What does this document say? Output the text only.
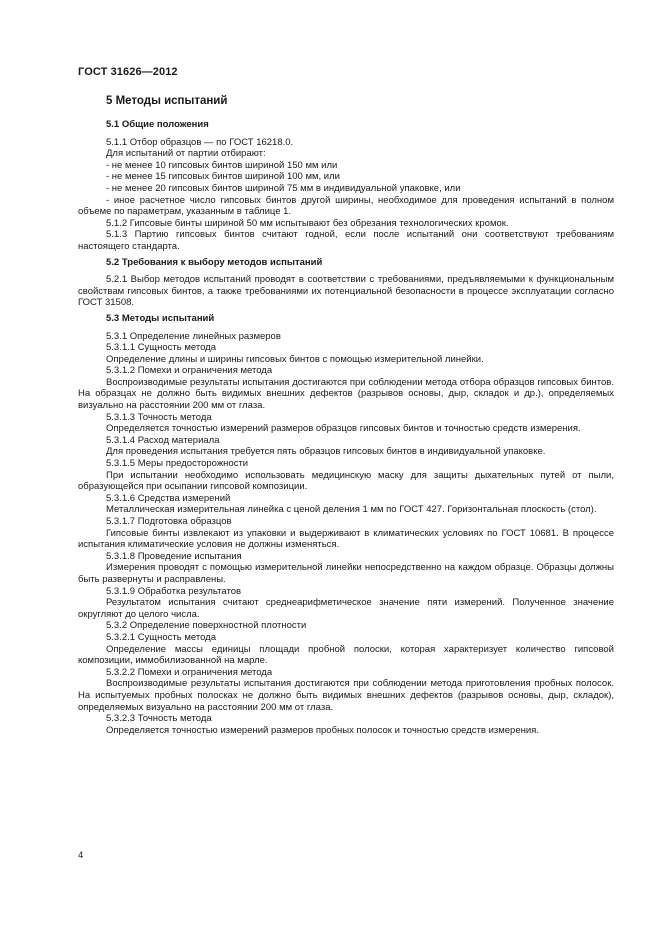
ГОСТ 31626—2012

5 Методы испытаний

5.1 Общие положения

5.1.1 Отбор образцов — по ГОСТ 16218.0.

Для испытаний от партии отбирают:

- не менее 10 гипсовых бинтов шириной 150 мм или

- не менее 15 гипсовых бинтов шириной 100 мм, или

- не менее 20 гипсовых бинтов шириной 75 мм в индивидуальной упаковке, или

- иное расчетное число гипсовых бинтов другой ширины, необходимое для проведения испытаний в полном объеме по параметрам, указанным в таблице 1.

5.1.2 Гипсовые бинты шириной 50 мм испытывают без обрезания технологических кромок.

5.1.3 Партию гипсовых бинтов считают годной, если после испытаний они соответствуют требованиям настоящего стандарта.

5.2 Требования к выбору методов испытаний

5.2.1 Выбор методов испытаний проводят в соответствии с требованиями, предъявляемыми к функциональным свойствам гипсовых бинтов, а также требованиями их потенциальной безопасности в процессе эксплуатации согласно ГОСТ 31508.

5.3 Методы испытаний

5.3.1 Определение линейных размеров

5.3.1.1 Сущность метода

Определение длины и ширины гипсовых бинтов с помощью измерительной линейки.

5.3.1.2 Помехи и ограничения метода

Воспроизводимые результаты испытания достигаются при соблюдении метода отбора образцов гипсовых бинтов. На образцах не должно быть видимых внешних дефектов (разрывов основы, дыр, складок и др.), определяемых визуально на расстоянии 200 мм от глаза.

5.3.1.3 Точность метода

Определяется точностью измерений размеров образцов гипсовых бинтов и точностью средств измерения.

5.3.1.4 Расход материала

Для проведения испытания требуется пять образцов гипсовых бинтов в индивидуальной упаковке.

5.3.1.5 Меры предосторожности

При испытании необходимо использовать медицинскую маску для защиты дыхательных путей от пыли, образующейся при осыпании гипсовой композиции.

5.3.1.6 Средства измерений

Металлическая измерительная линейка с ценой деления 1 мм по ГОСТ 427. Горизонтальная плоскость (стол).

5.3.1.7 Подготовка образцов

Гипсовые бинты извлекают из упаковки и выдерживают в климатических условиях по ГОСТ 10681. В процессе испытания климатические условия не должны изменяться.

5.3.1.8 Проведение испытания

Измерения проводят с помощью измерительной линейки непосредственно на каждом образце. Образцы должны быть развернуты и расправлены.

5.3.1.9 Обработка результатов

Результатом испытания считают среднеарифметическое значение пяти измерений. Полученное значение округляют до целого числа.

5.3.2 Определение поверхностной плотности

5.3.2.1 Сущность метода

Определение массы единицы площади пробной полоски, которая характеризует количество гипсовой композиции, иммобилизованной на марле.

5.3.2.2 Помехи и ограничения метода

Воспроизводимые результаты испытания достигаются при соблюдении метода приготовления пробных полосок. На испытуемых пробных полосках не должно быть видимых внешних дефектов (разрывов основы, дыр, складок), определяемых визуально на расстоянии 200 мм от глаза.

5.3.2.3 Точность метода

Определяется точностью измерений размеров пробных полосок и точностью средств измерения.

4
